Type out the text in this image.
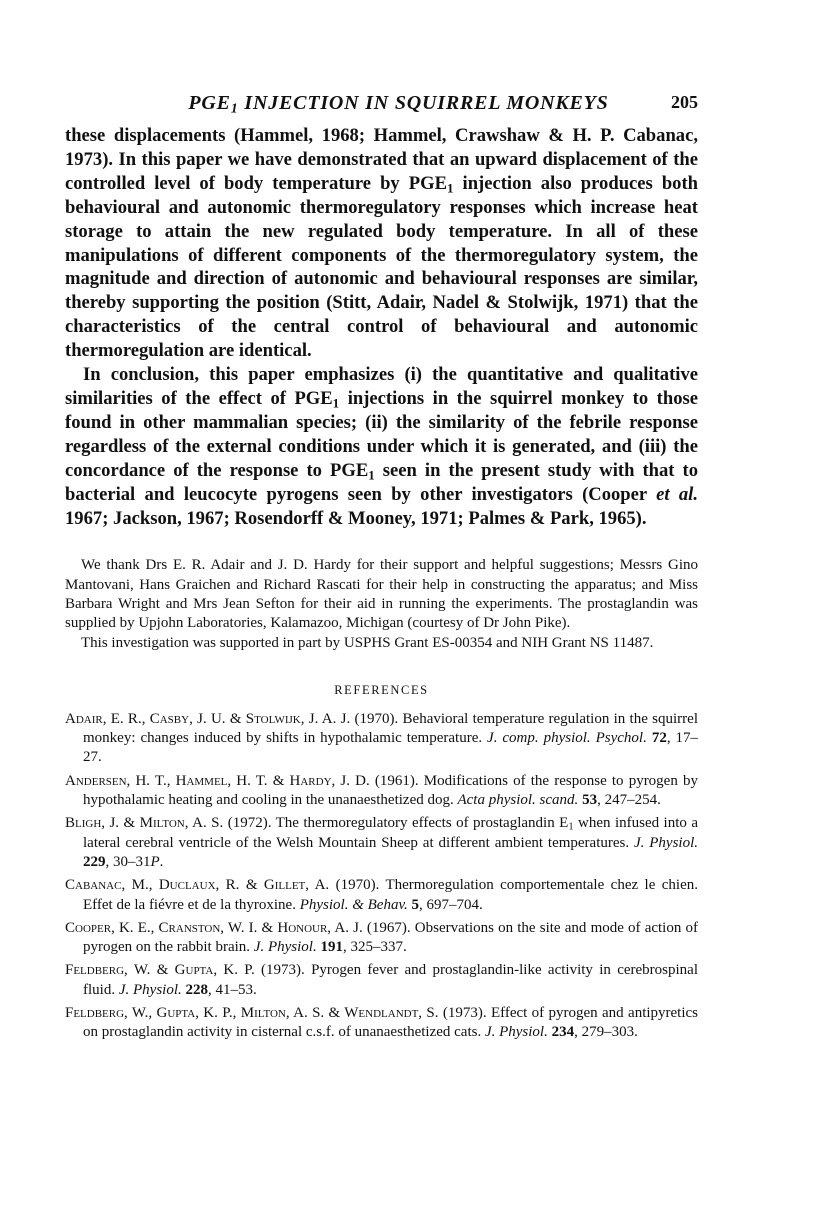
$PGE_1$ INJECTION IN SQUIRREL MONKEYS	205

these displacements (Hammel, 1968; Hammel, Crawshaw & H. P. Cabanac, 1973). In this paper we have demonstrated that an upward displacement of the controlled level of body temperature by $PGE_1$ injection also produces both behavioural and autonomic thermoregulatory responses which increase heat storage to attain the new regulated body temperature. In all of these manipulations of different components of the thermoregulatory system, the magnitude and direction of autonomic and behavioural responses are similar, thereby supporting the position (Stitt, Adair, Nadel & Stolwijk, 1971) that the characteristics of the central control of behavioural and autonomic thermoregulation are identical.

In conclusion, this paper emphasizes (i) the quantitative and qualitative similarities of the effect of $PGE_1$ injections in the squirrel monkey to those found in other mammalian species; (ii) the similarity of the febrile response regardless of the external conditions under which it is generated, and (iii) the concordance of the response to $PGE_1$ seen in the present study with that to bacterial and leucocyte pyrogens seen by other investigators (Cooper et al. 1967; Jackson, 1967; Rosendorff & Mooney, 1971; Palmes & Park, 1965).

We thank Drs E. R. Adair and J. D. Hardy for their support and helpful suggestions; Messrs Gino Mantovani, Hans Graichen and Richard Rascati for their help in constructing the apparatus; and Miss Barbara Wright and Mrs Jean Sefton for their aid in running the experiments. The prostaglandin was supplied by Upjohn Laboratories, Kalamazoo, Michigan (courtesy of Dr John Pike).

This investigation was supported in part by USPHS Grant ES-00354 and NIH Grant NS 11487.

REFERENCES
Adair, E. R., Casby, J. U. & Stolwijk, J. A. J. (1970). Behavioral temperature regulation in the squirrel monkey: changes induced by shifts in hypothalamic temperature. J. comp. physiol. Psychol. 72, 17–27.
Andersen, H. T., Hammel, H. T. & Hardy, J. D. (1961). Modifications of the response to pyrogen by hypothalamic heating and cooling in the unanaesthetized dog. Acta physiol. scand. 53, 247–254.
Bligh, J. & Milton, A. S. (1972). The thermoregulatory effects of prostaglandin $E_1$ when infused into a lateral cerebral ventricle of the Welsh Mountain Sheep at different ambient temperatures. J. Physiol. 229, 30–31P.
Cabanac, M., Duclaux, R. & Gillet, A. (1970). Thermoregulation comportementale chez le chien. Effet de la fiévre et de la thyroxine. Physiol. & Behav. 5, 697–704.
Cooper, K. E., Cranston, W. I. & Honour, A. J. (1967). Observations on the site and mode of action of pyrogen on the rabbit brain. J. Physiol. 191, 325–337.
Feldberg, W. & Gupta, K. P. (1973). Pyrogen fever and prostaglandin-like activity in cerebrospinal fluid. J. Physiol. 228, 41–53.
Feldberg, W., Gupta, K. P., Milton, A. S. & Wendlandt, S. (1973). Effect of pyrogen and antipyretics on prostaglandin activity in cisternal c.s.f. of unanaesthetized cats. J. Physiol. 234, 279–303.
